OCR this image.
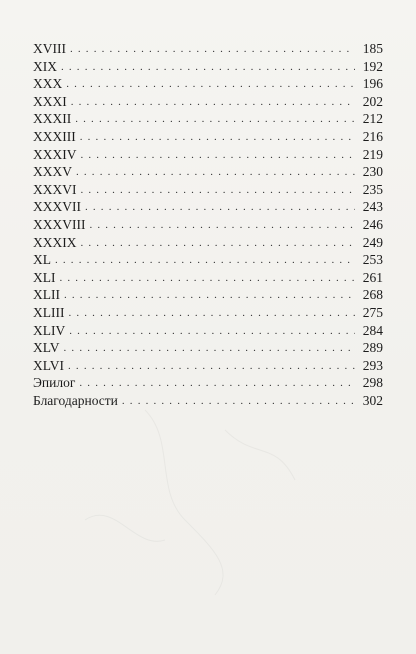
XVIII . . .	185
XIX . . .	192
XXX . . .	196
XXXI . . .	202
XXXII . . .	212
XXXIII . . .	216
XXXIV . . .	219
XXXV . . .	230
XXXVI . . .	235
XXXVII . . .	243
XXXVIII . . .	246
XXXIX . . .	249
XL . . .	253
XLI . . .	261
XLII . . .	268
XLIII . . .	275
XLIV . . .	284
XLV . . .	289
XLVI . . .	293
Эпилог . . .	298
Благодарности . . .	302
